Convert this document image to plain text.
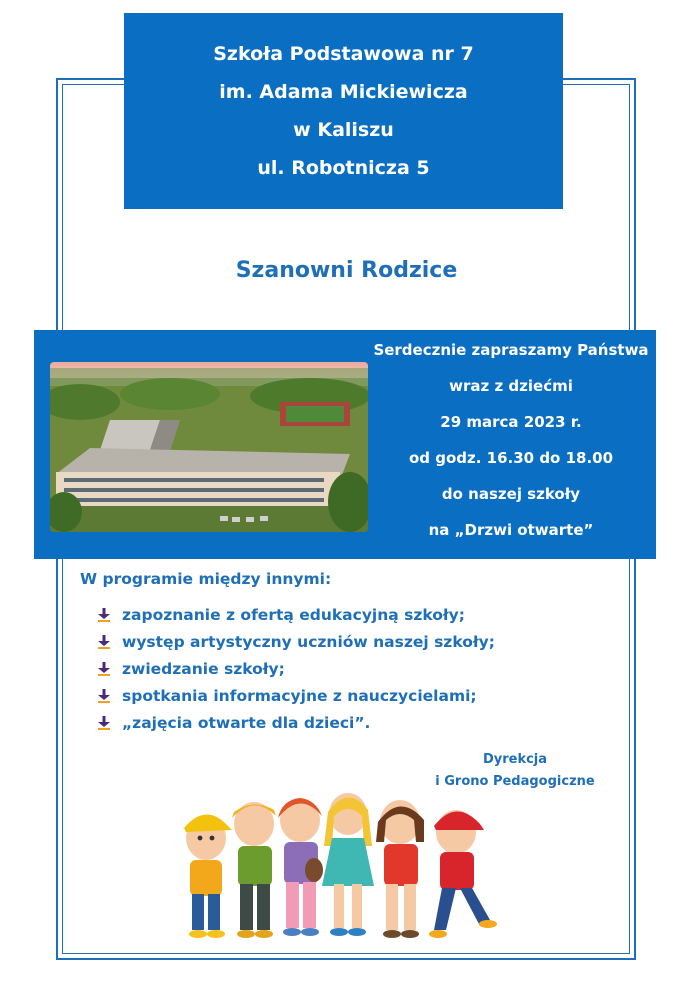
Szkoła Podstawowa nr 7
im. Adama Mickiewicza
w Kaliszu
ul. Robotnicza 5
Szanowni Rodzice
Serdecznie zapraszamy Państwa
wraz z dziećmi
29 marca 2023 r.
od godz. 16.30 do 18.00
do naszej szkoły
na „Drzwi otwarte”
W programie między innymi:
zapoznanie z ofertą edukacyjną szkoły;
występ artystyczny uczniów naszej szkoły;
zwiedzanie szkoły;
spotkania informacyjne z nauczycielami;
„zajęcia otwarte dla dzieci”.
Dyrekcja
i Grono Pedagogiczne
